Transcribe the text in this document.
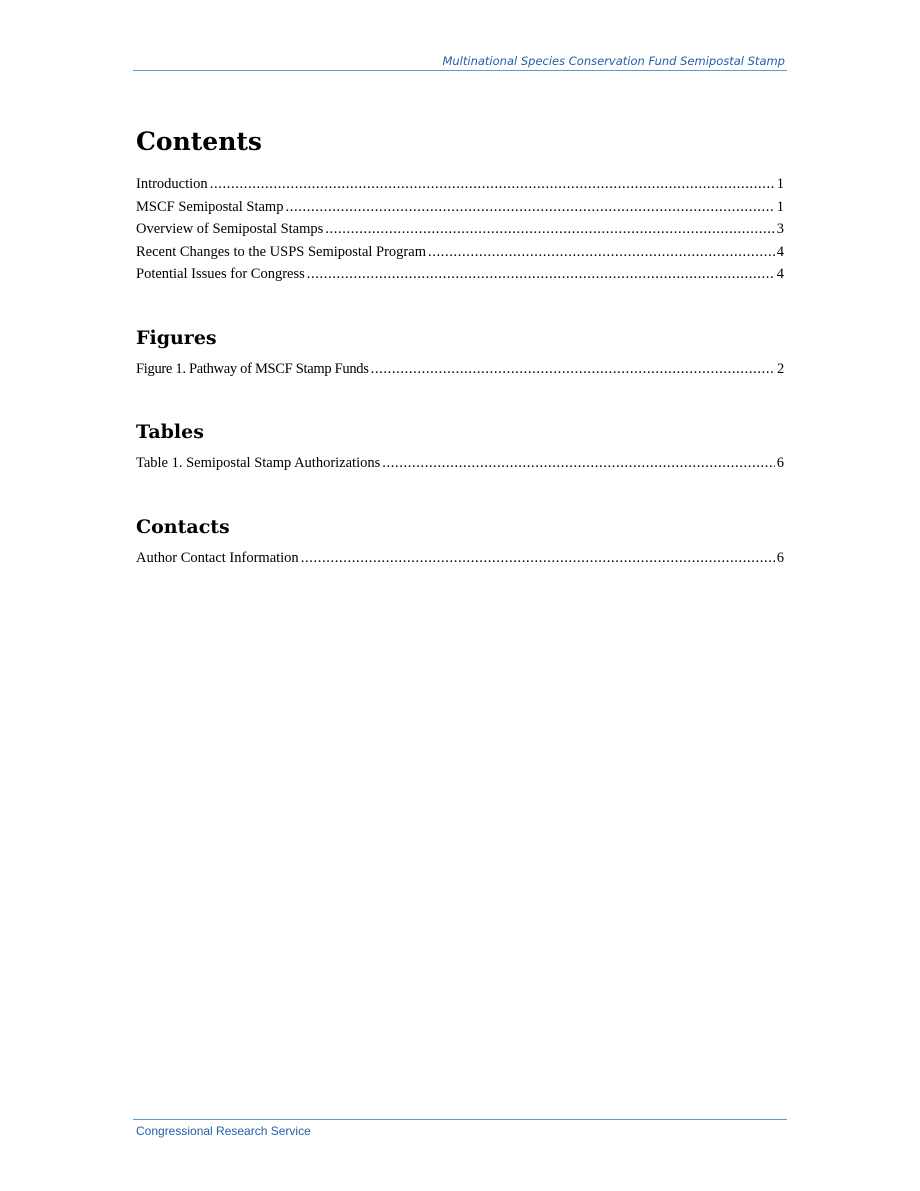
Multinational Species Conservation Fund Semipostal Stamp
Contents
Introduction . . .	1
MSCF Semipostal Stamp . . .	1
Overview of Semipostal Stamps . . .	3
Recent Changes to the USPS Semipostal Program . . .	4
Potential Issues for Congress . . .	4
Figures
Figure 1. Pathway of MSCF Stamp Funds . . .	2
Tables
Table 1. Semipostal Stamp Authorizations . . .	6
Contacts
Author Contact Information . . .	6
Congressional Research Service
